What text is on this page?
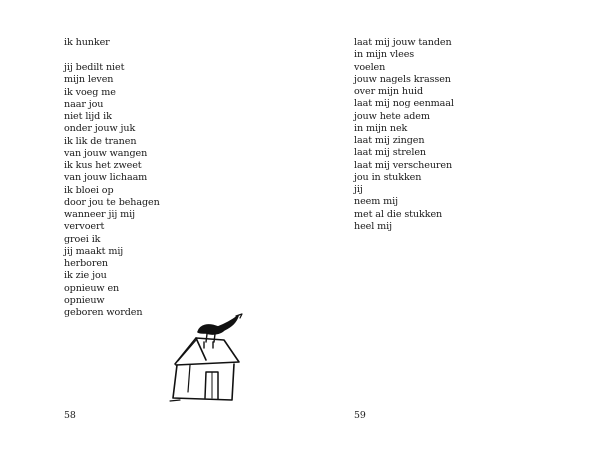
ik hunker
jij bedilt niet
mijn leven
ik voeg me
naar jou
niet lijd ik
onder jouw juk
ik lik de tranen
van jouw wangen
ik kus het zweet
van jouw lichaam
ik bloei op
door jou te behagen
wanneer jij mij
vervoert
groei ik
jij maakt mij
herboren
ik zie jou
opnieuw en
opnieuw
geboren worden
58
laat mij jouw tanden
in mijn vlees
voelen
jouw nagels krassen
over mijn huid
laat mij nog eenmaal
jouw hete adem
in mijn nek
laat mij zingen
laat mij strelen
laat mij verscheuren
jou in stukken
jij
neem mij
met al die stukken
heel mij
59
